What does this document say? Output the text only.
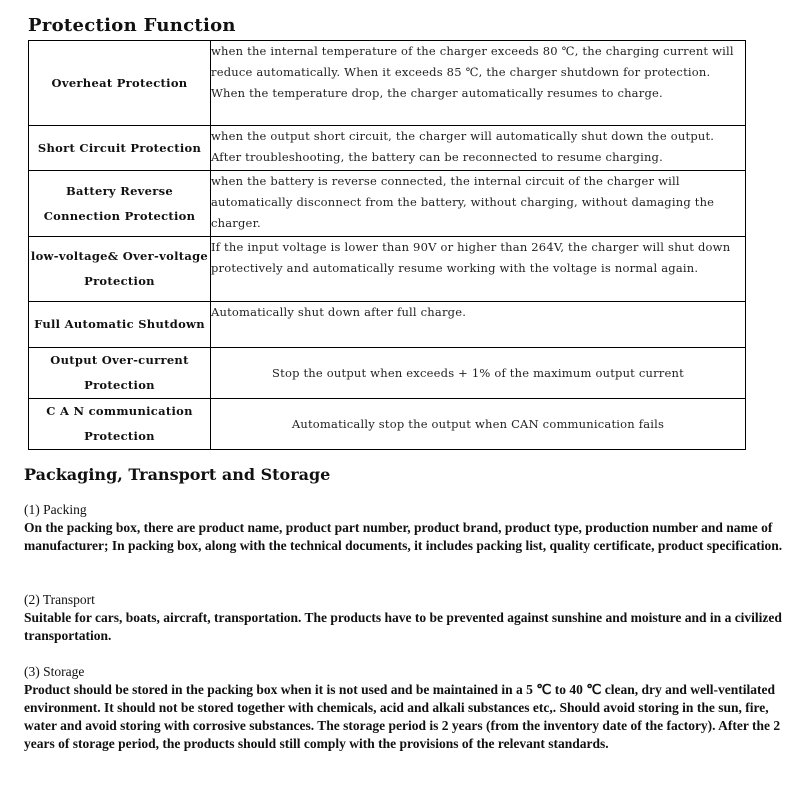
Protection Function
Overheat Protection	when the internal temperature of the charger exceeds 80 ℃, the charging current will reduce automatically. When it exceeds 85 ℃, the charger shutdown for protection. When the temperature drop, the charger automatically resumes to charge.
Short Circuit Protection	when the output short circuit, the charger will automatically shut down the output. After troubleshooting, the battery can be reconnected to resume charging.
Battery Reverse Connection Protection	when the battery is reverse connected, the internal circuit of the charger will automatically disconnect from the battery, without charging, without damaging the charger.
low-voltage& Over-voltage Protection	If the input voltage is lower than 90V or higher than 264V, the charger will shut down protectively and automatically resume working with the voltage is normal again.
Full Automatic Shutdown	Automatically shut down after full charge.
Output Over-current Protection	Stop the output when exceeds + 1% of the maximum output current
C A N communication Protection	Automatically stop the output when CAN communication fails
Packaging, Transport and Storage
(1) Packing
On the packing box, there are product name, product part number, product brand, product type, production number and name of manufacturer; In packing box, along with the technical documents, it includes packing list, quality certificate, product specification.
(2) Transport
Suitable for cars, boats, aircraft, transportation. The products have to be prevented against sunshine and moisture and in a civilized transportation.
(3) Storage
Product should be stored in the packing box when it is not used and be maintained in a 5 ℃ to 40 ℃ clean, dry and well-ventilated environment. It should not be stored together with chemicals, acid and alkali substances etc,. Should avoid storing in the sun, fire, water and avoid storing with corrosive substances. The storage period is 2 years (from the inventory date of the factory). After the 2 years of storage period, the products should still comply with the provisions of the relevant standards.
